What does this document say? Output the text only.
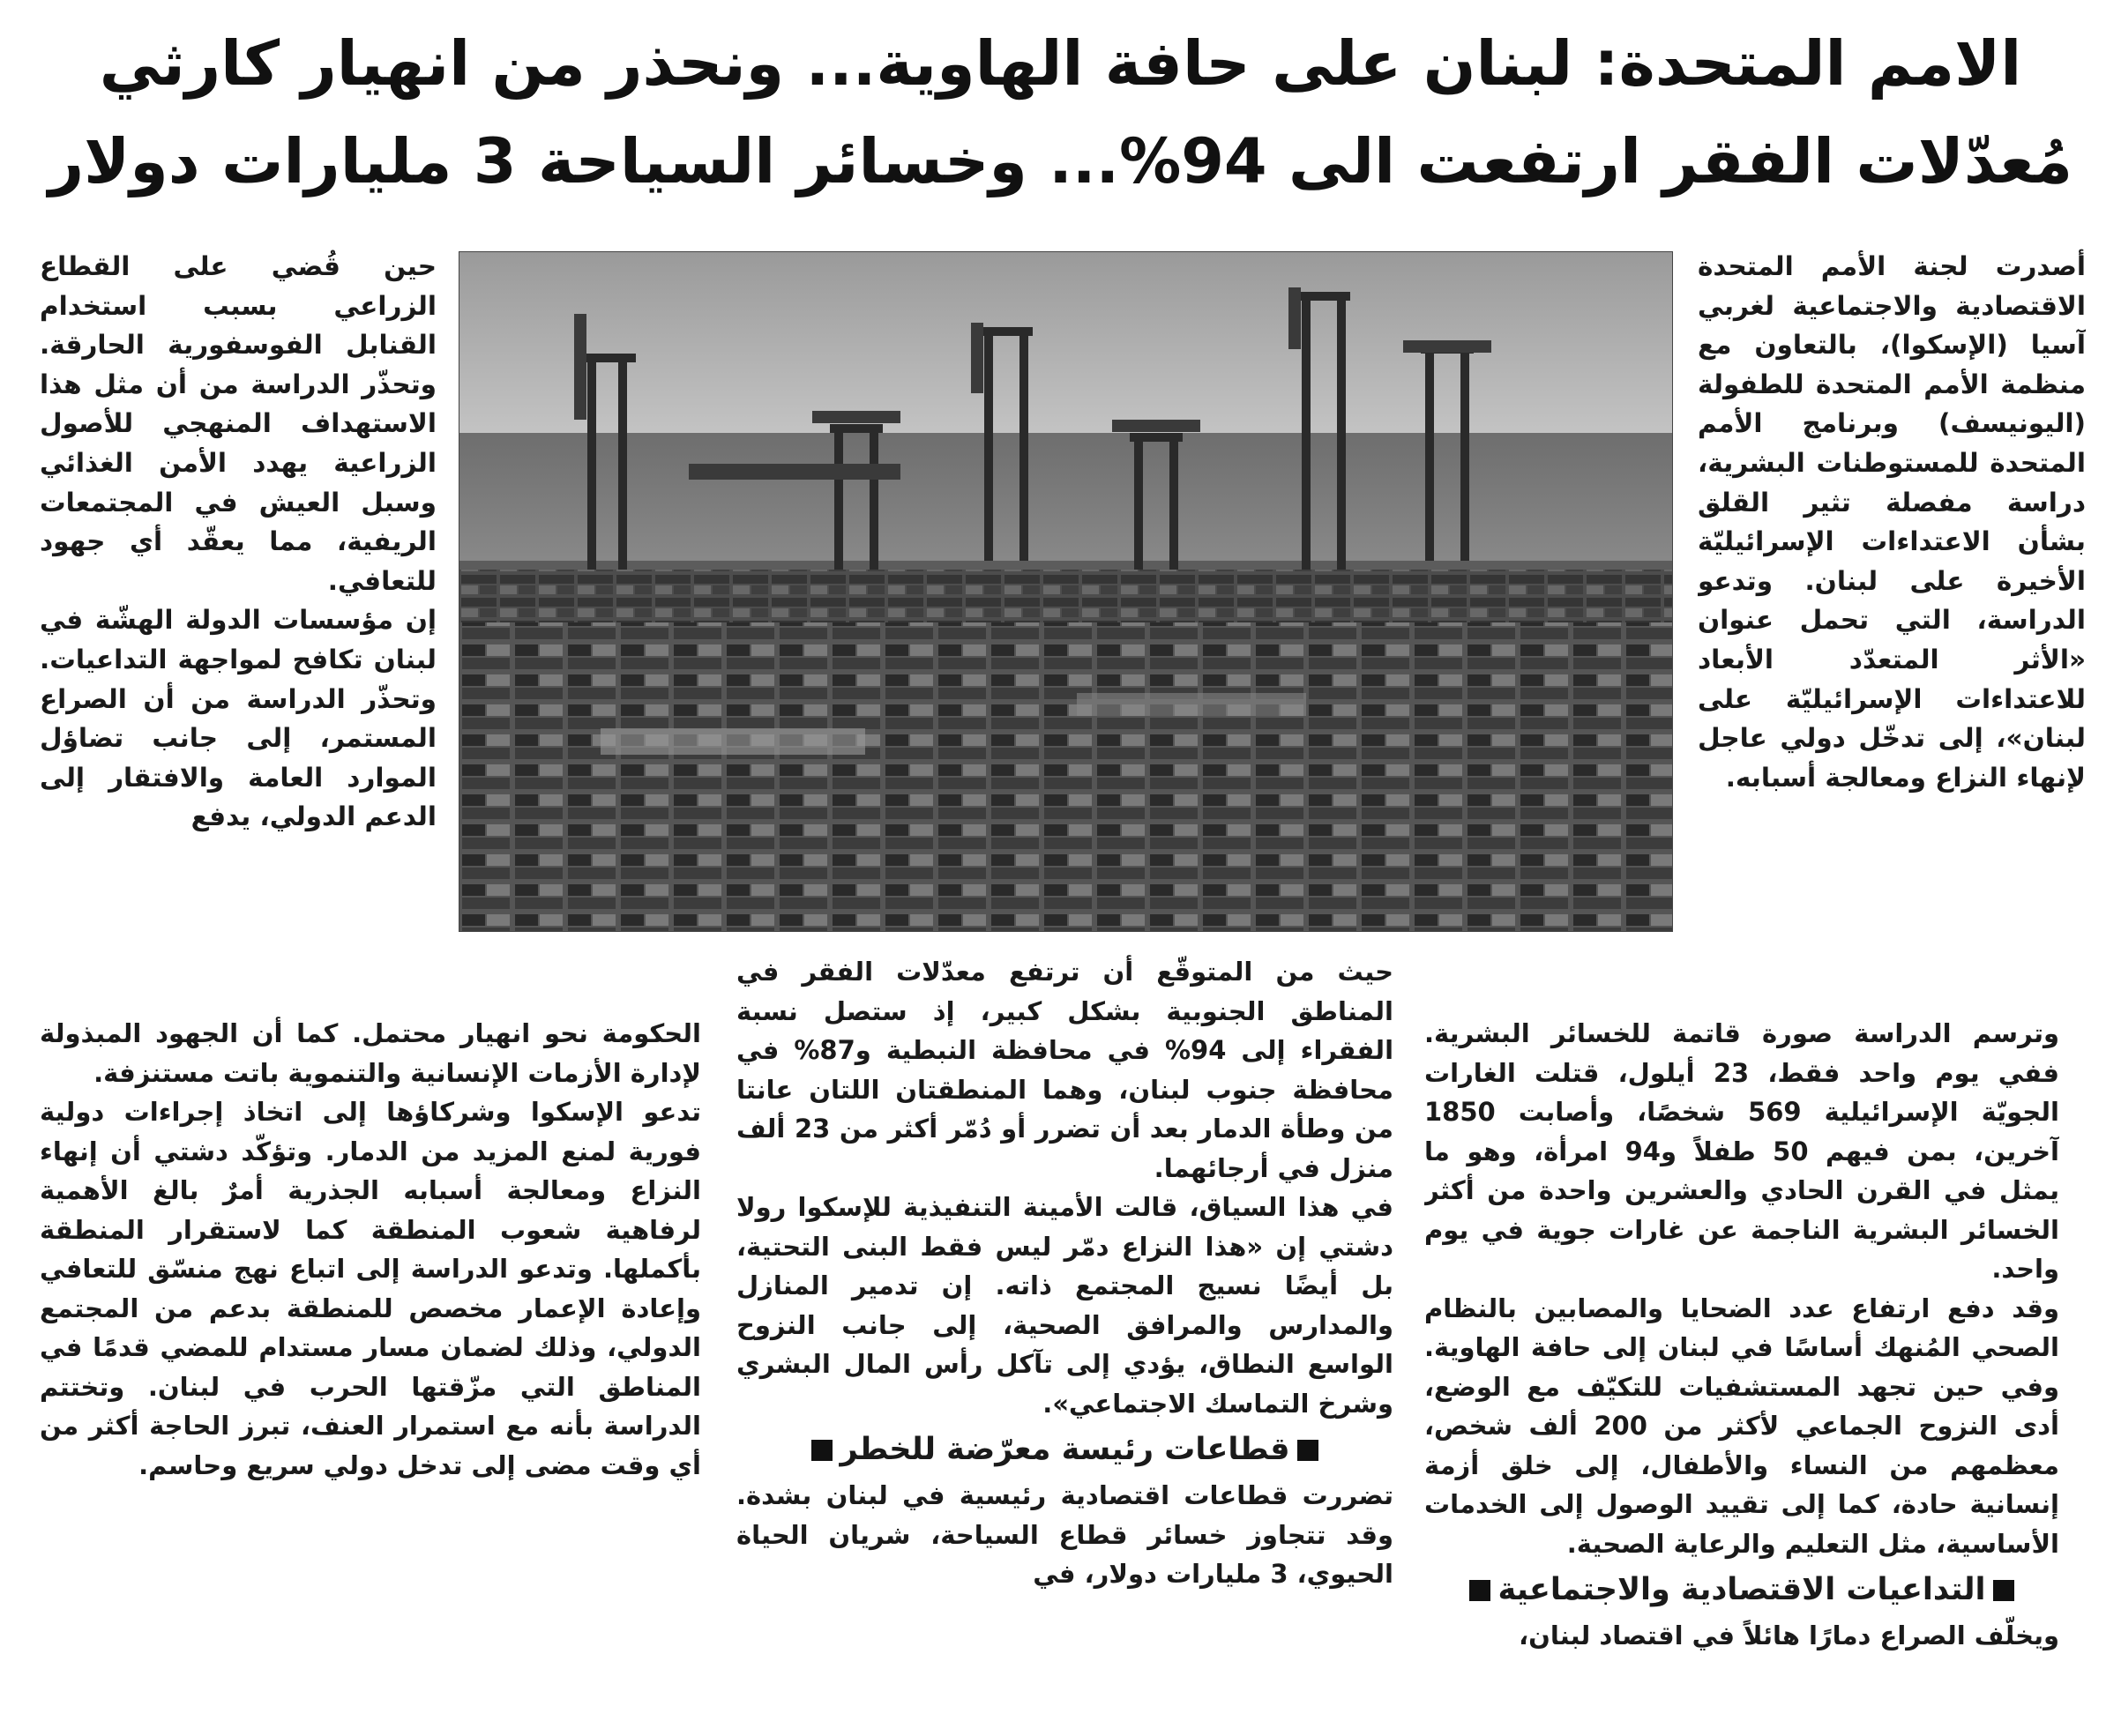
الامم المتحدة: لبنان على حافة الهاوية... ونحذر من انهيار كارثي
مُعدّلات الفقر ارتفعت الى 94%... وخسائر السياحة 3 مليارات دولار

أصدرت لجنة الأمم المتحدة الاقتصادية والاجتماعية لغربي آسيا (الإسكوا)، بالتعاون مع منظمة الأمم المتحدة للطفولة (اليونيسف) وبرنامج الأمم المتحدة للمستوطنات البشرية، دراسة مفصلة تثير القلق بشأن الاعتداءات الإسرائيليّة الأخيرة على لبنان. وتدعو الدراسة، التي تحمل عنوان «الأثر المتعدّد الأبعاد للاعتداءات الإسرائيليّة على لبنان»، إلى تدخّل دولي عاجل لإنهاء النزاع ومعالجة أسبابه.

حين قُضي على القطاع الزراعي بسبب استخدام القنابل الفوسفورية الحارقة. وتحذّر الدراسة من أن مثل هذا الاستهداف المنهجي للأصول الزراعية يهدد الأمن الغذائي وسبل العيش في المجتمعات الريفية، مما يعقّد أي جهود للتعافي.

إن مؤسسات الدولة الهشّة في لبنان تكافح لمواجهة التداعيات. وتحذّر الدراسة من أن الصراع المستمر، إلى جانب تضاؤل الموارد العامة والافتقار إلى الدعم الدولي، يدفع

وترسم الدراسة صورة قاتمة للخسائر البشرية. ففي يوم واحد فقط، 23 أيلول، قتلت الغارات الجويّة الإسرائيلية 569 شخصًا، وأصابت 1850 آخرين، بمن فيهم 50 طفلاً و94 امرأة، وهو ما يمثل في القرن الحادي والعشرين واحدة من أكثر الخسائر البشرية الناجمة عن غارات جوية في يوم واحد.

وقد دفع ارتفاع عدد الضحايا والمصابين بالنظام الصحي المُنهك أساسًا في لبنان إلى حافة الهاوية. وفي حين تجهد المستشفيات للتكيّف مع الوضع، أدى النزوح الجماعي لأكثر من 200 ألف شخص، معظمهم من النساء والأطفال، إلى خلق أزمة إنسانية حادة، كما إلى تقييد الوصول إلى الخدمات الأساسية، مثل التعليم والرعاية الصحية.

التداعيات الاقتصادية والاجتماعية

ويخلّف الصراع دمارًا هائلاً في اقتصاد لبنان،

حيث من المتوقّع أن ترتفع معدّلات الفقر في المناطق الجنوبية بشكل كبير، إذ ستصل نسبة الفقراء إلى 94% في محافظة النبطية و87% في محافظة جنوب لبنان، وهما المنطقتان اللتان عانتا من وطأة الدمار بعد أن تضرر أو دُمّر أكثر من 23 ألف منزل في أرجائهما.

في هذا السياق، قالت الأمينة التنفيذية للإسكوا رولا دشتي إن «هذا النزاع دمّر ليس فقط البنى التحتية، بل أيضًا نسيج المجتمع ذاته. إن تدمير المنازل والمدارس والمرافق الصحية، إلى جانب النزوح الواسع النطاق، يؤدي إلى تآكل رأس المال البشري وشرخ التماسك الاجتماعي».

قطاعات رئيسة معرّضة للخطر

تضررت قطاعات اقتصادية رئيسية في لبنان بشدة. وقد تتجاوز خسائر قطاع السياحة، شريان الحياة الحيوي، 3 مليارات دولار، في

الحكومة نحو انهيار محتمل. كما أن الجهود المبذولة لإدارة الأزمات الإنسانية والتنموية باتت مستنزفة.

تدعو الإسكوا وشركاؤها إلى اتخاذ إجراءات دولية فورية لمنع المزيد من الدمار. وتؤكّد دشتي أن إنهاء النزاع ومعالجة أسبابه الجذرية أمرٌ بالغ الأهمية لرفاهية شعوب المنطقة كما لاستقرار المنطقة بأكملها. وتدعو الدراسة إلى اتباع نهج منسّق للتعافي وإعادة الإعمار مخصص للمنطقة بدعم من المجتمع الدولي، وذلك لضمان مسار مستدام للمضي قدمًا في المناطق التي مزّقتها الحرب في لبنان. وتختتم الدراسة بأنه مع استمرار العنف، تبرز الحاجة أكثر من أي وقت مضى إلى تدخل دولي سريع وحاسم.
